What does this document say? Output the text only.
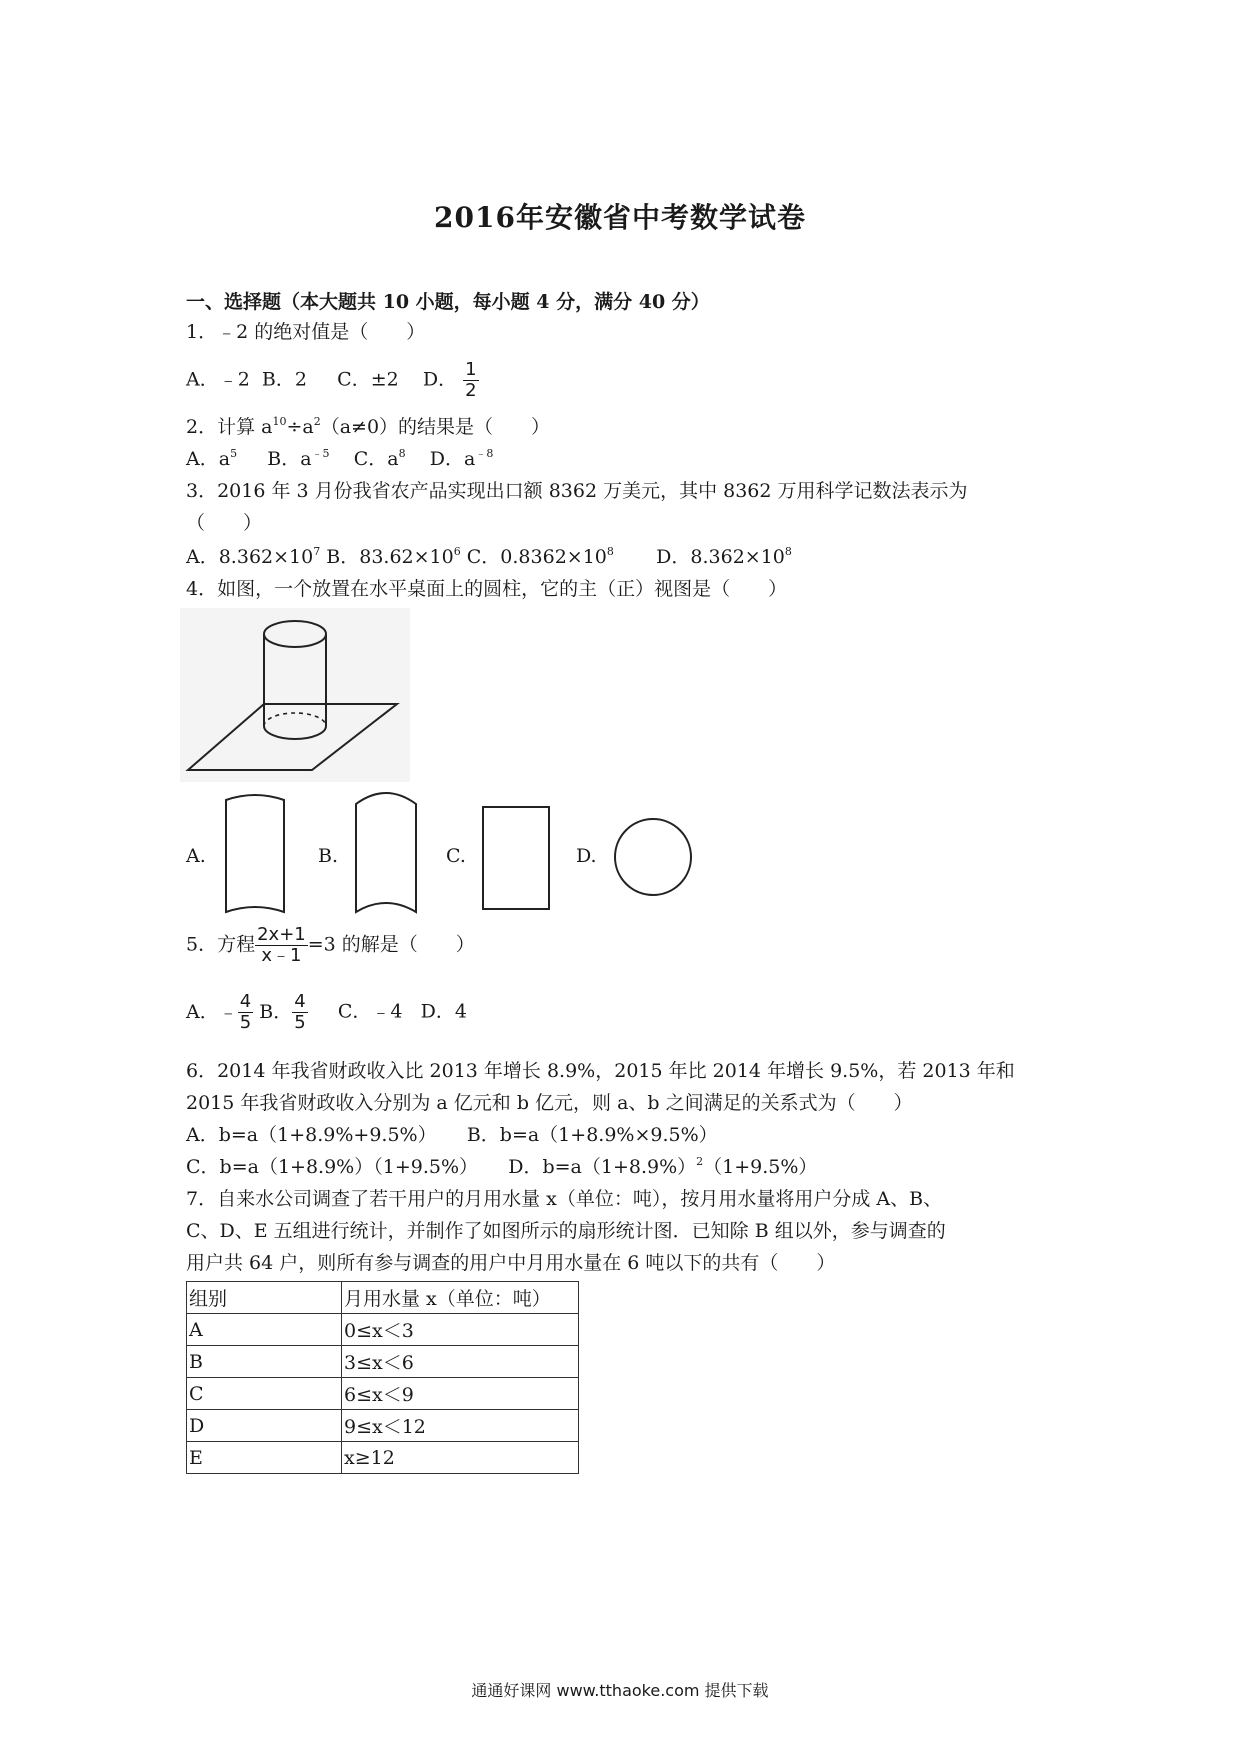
2016年安徽省中考数学试卷
一、选择题（本大题共 10 小题，每小题 4 分，满分 40 分）
1．﹣2 的绝对值是（　　）
A．﹣2 B．2 C．±2 D． $\frac{1}{2}$
2．计算 $a^{10}\div a^2(a\ne 0)$的结果是（　　）
A．$a^5$ B．$a^{﹣5}$ C．$a^8$ D．$a^{﹣8}$
3．2016 年 3 月份我省农产品实现出口额 8362 万美元，其中 8362 万用科学记数法表示为
（　　）
A．$8.362\times 10^7$ B．$83.62\times 10^6$ C．$0.8362\times 10^8$ D．$8.362\times 10^8$
4．如图，一个放置在水平桌面上的圆柱，它的主（正）视图是（　　）
A.	B.	C.	D.
5．方程 $\frac{2x+1}{x﹣1} =3$ 的解是（　　）
A．﹣ $\frac{4}{5}$ B． $\frac{4}{5}$ C．﹣4 D．4
6．2014 年我省财政收入比 2013 年增长 8.9%，2015 年比 2014 年增长 9.5%，若 2013 年和
2015 年我省财政收入分别为 a 亿元和 b 亿元，则 a、b 之间满足的关系式为（　　）
A．b=a（1+8.9%+9.5%） B．b=a（1+8.9%×9.5%）
C．b=a（1+8.9%）（1+9.5%） D．$b=a(1+8.9\%)^2(1+9.5\%)$
7．自来水公司调查了若干用户的月用水量 x（单位：吨），按月用水量将用户分成 A、B、
C、D、E 五组进行统计，并制作了如图所示的扇形统计图．已知除 B 组以外，参与调查的
用户共 64 户，则所有参与调查的用户中月用水量在 6 吨以下的共有（　　）
组别	月用水量 x（单位：吨）
A	0≤x＜3
B	3≤x＜6
C	6≤x＜9
D	9≤x＜12
E	x≥12
通通好课网 www.tthaoke.com 提供下载
